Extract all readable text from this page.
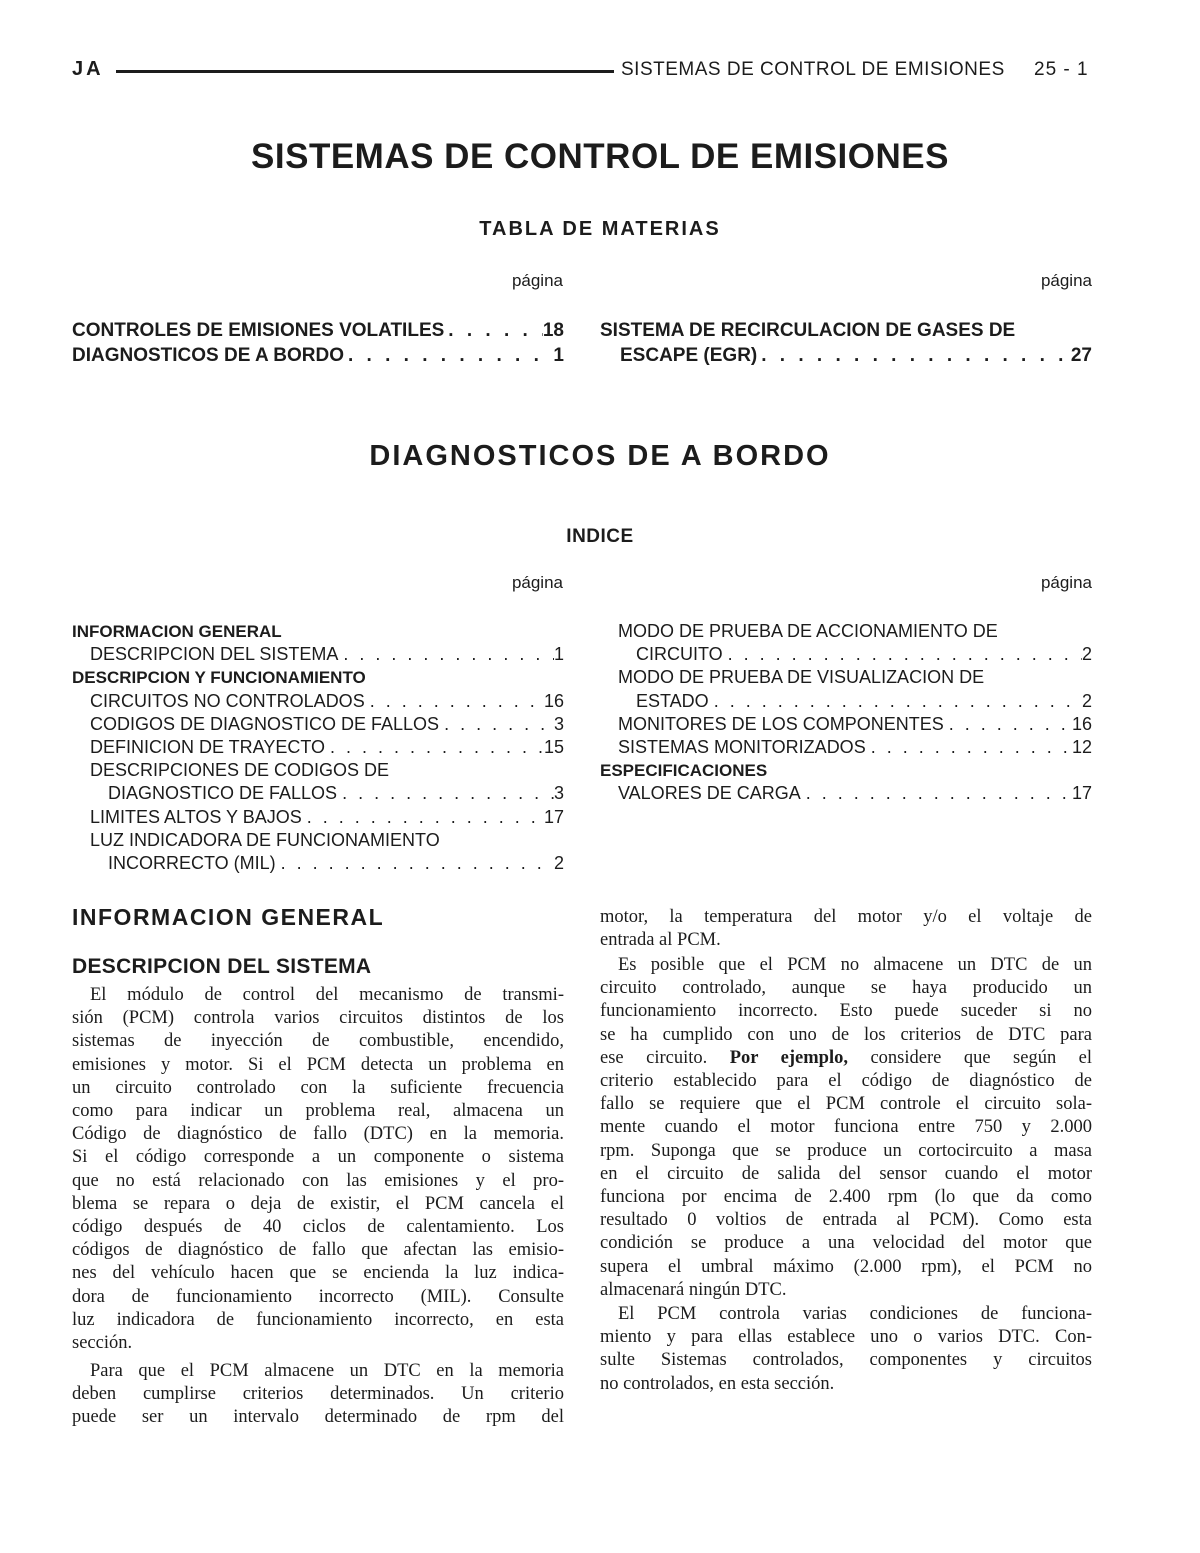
JA	SISTEMAS DE CONTROL DE EMISIONES 25 - 1
SISTEMAS DE CONTROL DE EMISIONES
TABLA DE MATERIAS
página	página
CONTROLES DE EMISIONES VOLATILES . . .	18
DIAGNOSTICOS DE A BORDO . . .	1
SISTEMA DE RECIRCULACION DE GASES DE
ESCAPE (EGR) . . .	27
DIAGNOSTICOS DE A BORDO
INDICE
página	página
INFORMACION GENERAL
DESCRIPCION DEL SISTEMA . . .	1
DESCRIPCION Y FUNCIONAMIENTO
CIRCUITOS NO CONTROLADOS . . .	16
CODIGOS DE DIAGNOSTICO DE FALLOS . . .	3
DEFINICION DE TRAYECTO . . .	15
DESCRIPCIONES DE CODIGOS DE
DIAGNOSTICO DE FALLOS . . .	3
LIMITES ALTOS Y BAJOS . . .	17
LUZ INDICADORA DE FUNCIONAMIENTO
INCORRECTO (MIL) . . .	2
MODO DE PRUEBA DE ACCIONAMIENTO DE
CIRCUITO . . .	2
MODO DE PRUEBA DE VISUALIZACION DE
ESTADO . . .	2
MONITORES DE LOS COMPONENTES . . .	16
SISTEMAS MONITORIZADOS . . .	12
ESPECIFICACIONES
VALORES DE CARGA . . .	17
INFORMACION GENERAL
DESCRIPCION DEL SISTEMA
El módulo de control del mecanismo de transmi-
sión (PCM) controla varios circuitos distintos de los
sistemas de inyección de combustible, encendido,
emisiones y motor. Si el PCM detecta un problema en
un circuito controlado con la suficiente frecuencia
como para indicar un problema real, almacena un
Código de diagnóstico de fallo (DTC) en la memoria.
Si el código corresponde a un componente o sistema
que no está relacionado con las emisiones y el pro-
blema se repara o deja de existir, el PCM cancela el
código después de 40 ciclos de calentamiento. Los
códigos de diagnóstico de fallo que afectan las emisio-
nes del vehículo hacen que se encienda la luz indica-
dora de funcionamiento incorrecto (MIL). Consulte
luz indicadora de funcionamiento incorrecto, en esta
sección.
Para que el PCM almacene un DTC en la memoria
deben cumplirse criterios determinados. Un criterio
puede ser un intervalo determinado de rpm del
motor, la temperatura del motor y/o el voltaje de
entrada al PCM.
Es posible que el PCM no almacene un DTC de un
circuito controlado, aunque se haya producido un
funcionamiento incorrecto. Esto puede suceder si no
se ha cumplido con uno de los criterios de DTC para
ese circuito. Por ejemplo, considere que según el
criterio establecido para el código de diagnóstico de
fallo se requiere que el PCM controle el circuito sola-
mente cuando el motor funciona entre 750 y 2.000
rpm. Suponga que se produce un cortocircuito a masa
en el circuito de salida del sensor cuando el motor
funciona por encima de 2.400 rpm (lo que da como
resultado 0 voltios de entrada al PCM). Como esta
condición se produce a una velocidad del motor que
supera el umbral máximo (2.000 rpm), el PCM no
almacenará ningún DTC.
El PCM controla varias condiciones de funciona-
miento y para ellas establece uno o varios DTC. Con-
sulte Sistemas controlados, componentes y circuitos
no controlados, en esta sección.
